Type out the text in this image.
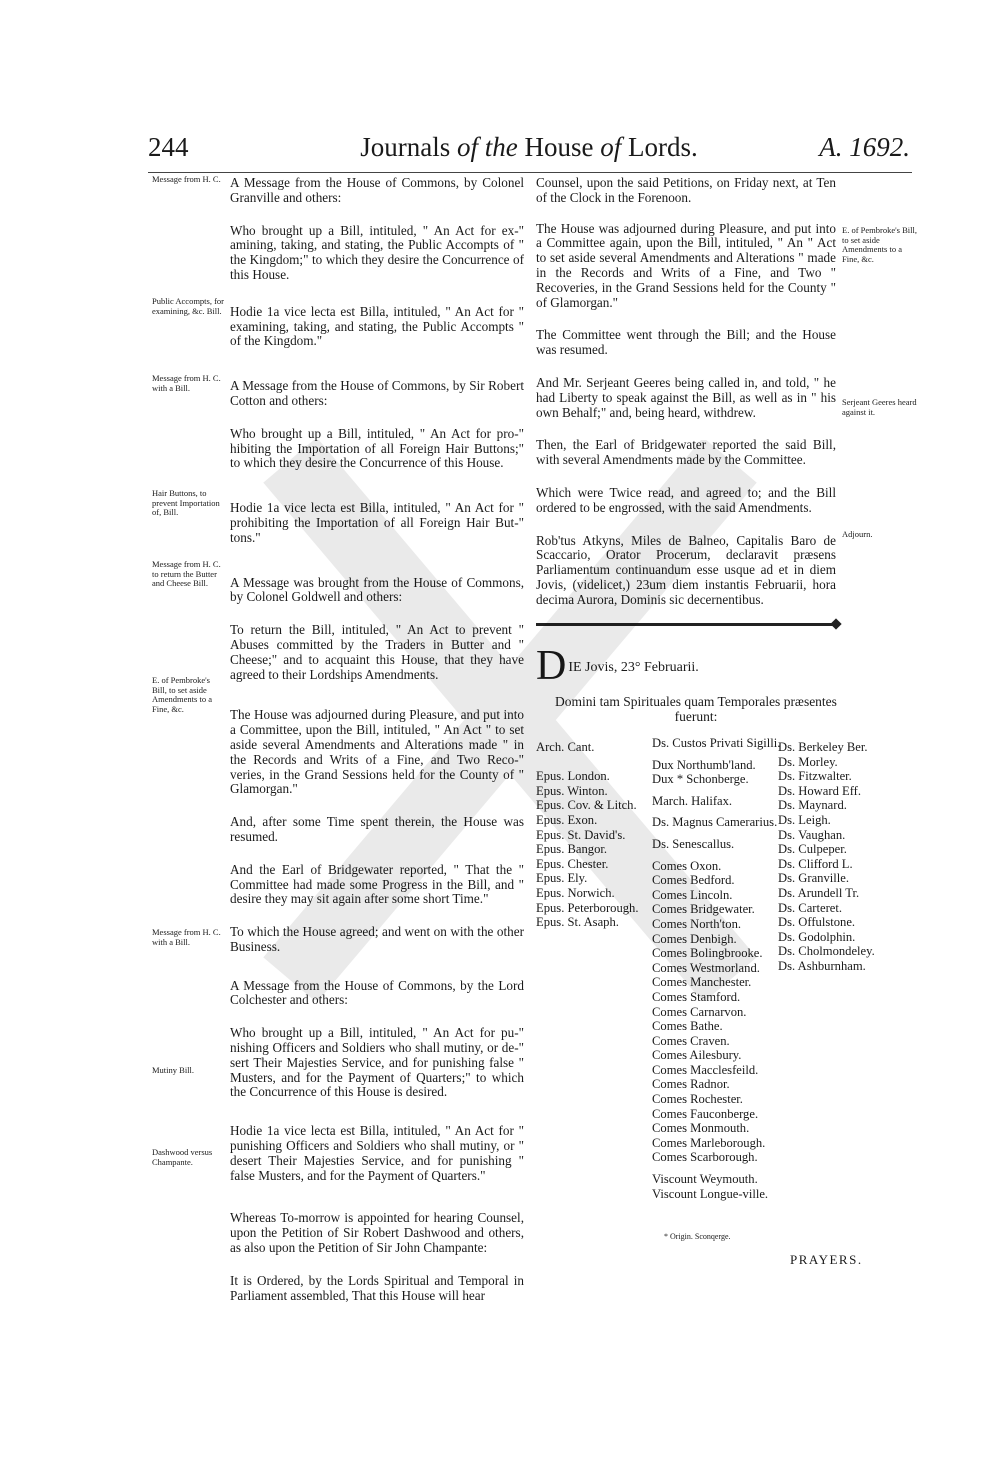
244	Journals of the House of Lords.	A. 1692.
Message from H. C.
Public Accompts, for examining, &c. Bill.
Message from H. C. with a Bill.
Hair Buttons, to prevent Importation of, Bill.
Message from H. C. to return the Butter and Cheese Bill.
E. of Pembroke's Bill, to set aside Amendments to a Fine, &c.
Message from H. C. with a Bill.
Mutiny Bill.
Dashwood versus Champante.

A Message from the House of Commons, by Colonel Granville and others:

Who brought up a Bill, intituled, " An Act for ex-" amining, taking, and stating, the Public Accompts of " the Kingdom;" to which they desire the Concurrence of this House.

Hodie 1a vice lecta est Billa, intituled, " An Act for " examining, taking, and stating, the Public Accompts " of the Kingdom."

A Message from the House of Commons, by Sir Robert Cotton and others:

Who brought up a Bill, intituled, " An Act for pro-" hibiting the Importation of all Foreign Hair Buttons;" to which they desire the Concurrence of this House.

Hodie 1a vice lecta est Billa, intituled, " An Act for " prohibiting the Importation of all Foreign Hair But-" tons."

A Message was brought from the House of Commons, by Colonel Goldwell and others:

To return the Bill, intituled, " An Act to prevent " Abuses committed by the Traders in Butter and " Cheese;" and to acquaint this House, that they have agreed to their Lordships Amendments.

The House was adjourned during Pleasure, and put into a Committee, upon the Bill, intituled, " An Act " to set aside several Amendments and Alterations made " in the Records and Writs of a Fine, and Two Reco-" veries, in the Grand Sessions held for the County of " Glamorgan."

And, after some Time spent therein, the House was resumed.

And the Earl of Bridgewater reported, " That the " Committee had made some Progress in the Bill, and " desire they may sit again after some short Time."

To which the House agreed; and went on with the other Business.

A Message from the House of Commons, by the Lord Colchester and others:

Who brought up a Bill, intituled, " An Act for pu-" nishing Officers and Soldiers who shall mutiny, or de-" sert Their Majesties Service, and for punishing false " Musters, and for the Payment of Quarters;" to which the Concurrence of this House is desired.

Hodie 1a vice lecta est Billa, intituled, " An Act for " punishing Officers and Soldiers who shall mutiny, or " desert Their Majesties Service, and for punishing " false Musters, and for the Payment of Quarters."

Whereas To-morrow is appointed for hearing Counsel, upon the Petition of Sir Robert Dashwood and others, as also upon the Petition of Sir John Champante:

It is Ordered, by the Lords Spiritual and Temporal in Parliament assembled, That this House will hear

Counsel, upon the said Petitions, on Friday next, at Ten of the Clock in the Forenoon.

The House was adjourned during Pleasure, and put into a Committee again, upon the Bill, intituled, " An " Act to set aside several Amendments and Alterations " made in the Records and Writs of a Fine, and Two " Recoveries, in the Grand Sessions held for the County " of Glamorgan."

The Committee went through the Bill; and the House was resumed.

And Mr. Serjeant Geeres being called in, and told, " he had Liberty to speak against the Bill, as well as in " his own Behalf;" and, being heard, withdrew.

Then, the Earl of Bridgewater reported the said Bill, with several Amendments made by the Committee.

Which were Twice read, and agreed to; and the Bill ordered to be engrossed, with the said Amendments.

Rob'tus Atkyns, Miles de Balneo, Capitalis Baro de Scaccario, Orator Procerum, declaravit præsens Parliamentum continuandum esse usque ad et in diem Jovis, (videlicet,) 23um diem instantis Februarii, hora decima Aurora, Dominis sic decernentibus.

E. of Pembroke's Bill, to set aside Amendments to a Fine, &c.
Serjeant Geeres heard against it.
Adjourn.
DIE Jovis, 23° Februarii.
Domini tam Spirituales quam Temporales præsentes fuerunt:
Arch. Cant.

Epus. London.
Epus. Winton.
Epus. Cov. & Litch.
Epus. Exon.
Epus. St. David's.
Epus. Bangor.
Epus. Chester.
Epus. Ely.
Epus. Norwich.
Epus. Peterborough.
Epus. St. Asaph.
Ds. Custos Privati Sigilli.
Dux Northumb'land.
Dux * Schonberge.
March. Halifax.
Ds. Magnus Camerarius.
Ds. Senescallus.
Comes Oxon.
Comes Bedford.
Comes Lincoln.
Comes Bridgewater.
Comes North'ton.
Comes Denbigh.
Comes Bolingbrooke.
Comes Westmorland.
Comes Manchester.
Comes Stamford.
Comes Carnarvon.
Comes Bathe.
Comes Craven.
Comes Ailesbury.
Comes Macclesfeild.
Comes Radnor.
Comes Rochester.
Comes Fauconberge.
Comes Monmouth.
Comes Marleborough.
Comes Scarborough.
Viscount Weymouth.
Viscount Longue-ville.
Ds. Berkeley Ber.
Ds. Morley.
Ds. Fitzwalter.
Ds. Howard Eff.
Ds. Maynard.
Ds. Leigh.
Ds. Vaughan.
Ds. Culpeper.
Ds. Clifford L.
Ds. Granville.
Ds. Arundell Tr.
Ds. Carteret.
Ds. Offulstone.
Ds. Godolphin.
Ds. Cholmondeley.
Ds. Ashburnham.
* Origin. Sconqerge.
PRAYERS.
